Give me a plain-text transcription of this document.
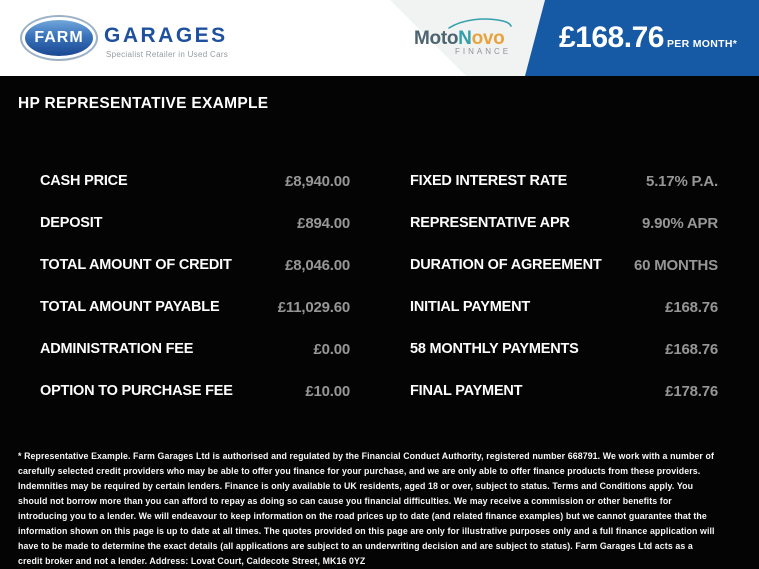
FARM GARAGES
Specialist Retailer in Used Cars
MotoNovo
FINANCE £168.76 PER MONTH*
HP REPRESENTATIVE EXAMPLE
CASH PRICE	£8,940.00
DEPOSIT	£894.00
TOTAL AMOUNT OF CREDIT	£8,046.00
TOTAL AMOUNT PAYABLE	£11,029.60
ADMINISTRATION FEE	£0.00
OPTION TO PURCHASE FEE	£10.00
FIXED INTEREST RATE	5.17% P.A.
REPRESENTATIVE APR	9.90% APR
DURATION OF AGREEMENT 60 MONTHS
INITIAL PAYMENT	£168.76
58 MONTHLY PAYMENTS	£168.76
FINAL PAYMENT	£178.76
* Representative Example. Farm Garages Ltd is authorised and regulated by the Financial Conduct Authority, registered number 668791. We work with a number of carefully selected credit providers who may be able to offer you finance for your purchase, and we are only able to offer finance products from these providers. Indemnities may be required by certain lenders. Finance is only available to UK residents, aged 18 or over, subject to status. Terms and Conditions apply. You should not borrow more than you can afford to repay as doing so can cause you financial difficulties. We may receive a commission or other benefits for introducing you to a lender. We will endeavour to keep information on the road prices up to date (and related finance examples) but we cannot guarantee that the information shown on this page is up to date at all times. The quotes provided on this page are only for illustrative purposes only and a full finance application will have to be made to determine the exact details (all applications are subject to an underwriting decision and are subject to status). Farm Garages Ltd acts as a credit broker and not a lender. Address: Lovat Court, Caldecote Street, MK16 0YZ
